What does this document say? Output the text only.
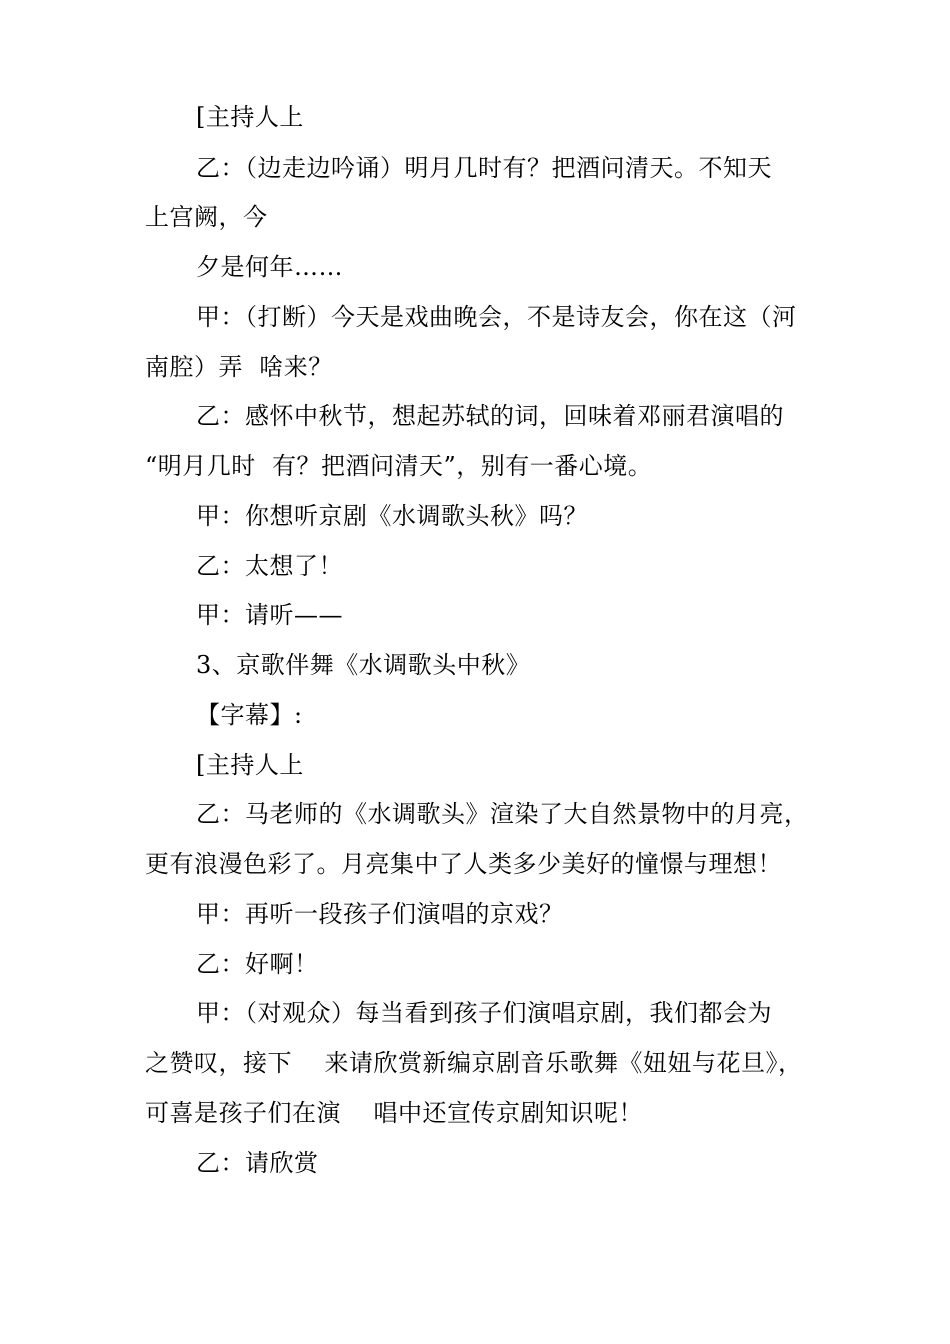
[主持人上

乙：（边走边吟诵）明月几时有？把酒问清天。不知天

上宫阙，今

夕是何年……

甲：（打断）今天是戏曲晚会，不是诗友会，你在这（河

南腔）弄  啥来？

乙：感怀中秋节，想起苏轼的词，回味着邓丽君演唱的

“明月几时  有？把酒问清天”，别有一番心境。

甲：你想听京剧《水调歌头秋》吗？

乙：太想了！

甲：请听——

3、京歌伴舞《水调歌头中秋》

【字幕】:

[主持人上

乙：马老师的《水调歌头》渲染了大自然景物中的月亮，

更有浪漫色彩了。月亮集中了人类多少美好的憧憬与理想！

甲：再听一段孩子们演唱的京戏？

乙：好啊！

甲：（对观众）每当看到孩子们演唱京剧，我们都会为

之赞叹，接下    来请欣赏新编京剧音乐歌舞《妞妞与花旦》，

可喜是孩子们在演    唱中还宣传京剧知识呢！

乙：请欣赏
